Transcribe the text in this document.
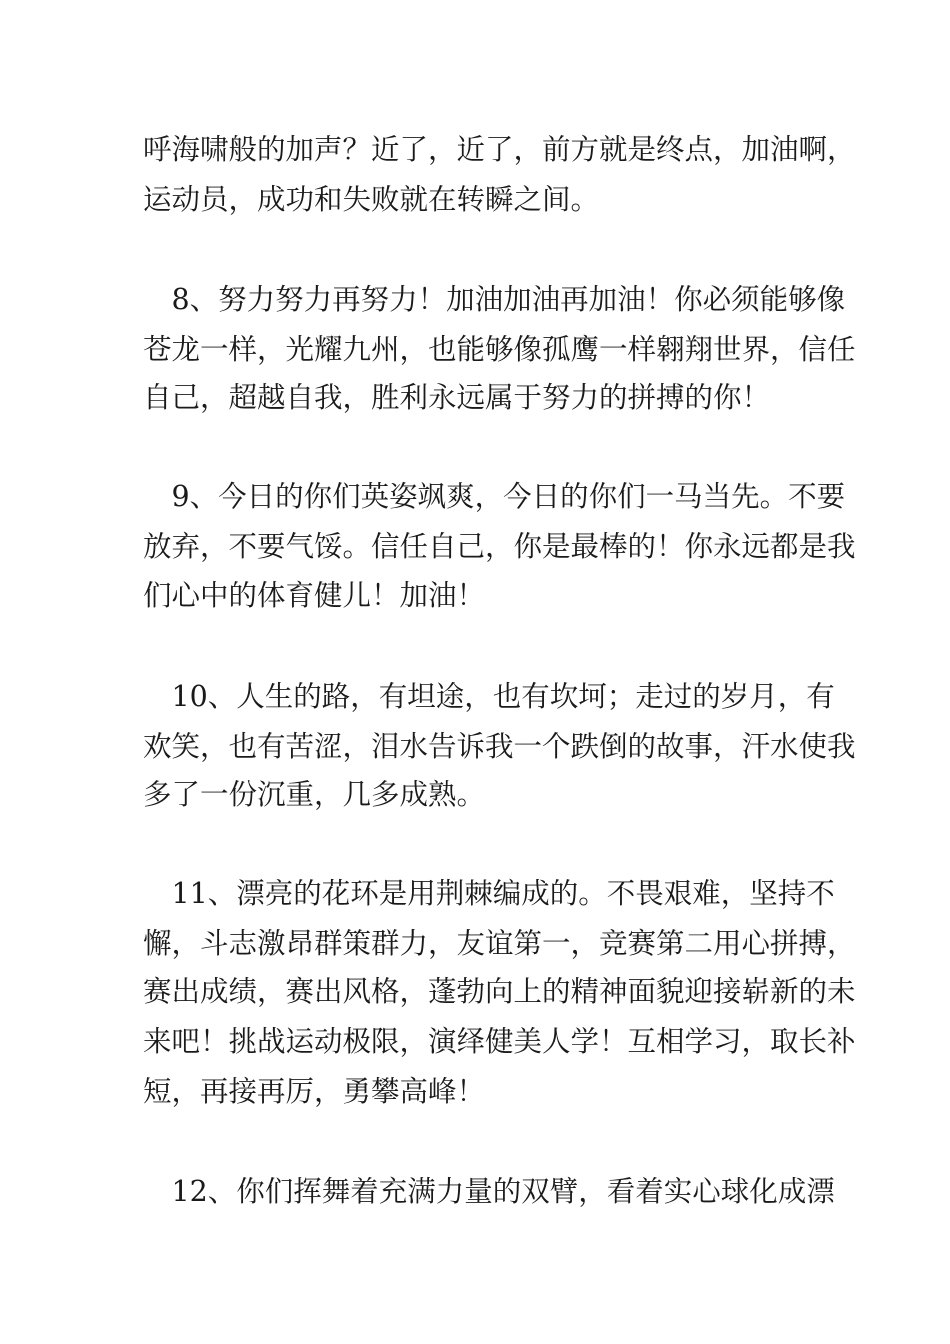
呼海啸般的加声？近了，近了，前方就是终点，加油啊，
运动员，成功和失败就在转瞬之间。
　8、努力努力再努力！加油加油再加油！你必须能够像
苍龙一样，光耀九州，也能够像孤鹰一样翱翔世界，信任
自己，超越自我，胜利永远属于努力的拼搏的你！
　9、今日的你们英姿飒爽，今日的你们一马当先。不要
放弃，不要气馁。信任自己，你是最棒的！你永远都是我
们心中的体育健儿！加油！
　10、人生的路，有坦途，也有坎坷；走过的岁月，有
欢笑，也有苦涩，泪水告诉我一个跌倒的故事，汗水使我
多了一份沉重，几多成熟。
　11、漂亮的花环是用荆棘编成的。不畏艰难，坚持不
懈，斗志激昂群策群力，友谊第一，竞赛第二用心拼搏，
赛出成绩，赛出风格，蓬勃向上的精神面貌迎接崭新的未
来吧！挑战运动极限，演绎健美人学！互相学习，取长补
短，再接再厉，勇攀高峰！
　12、你们挥舞着充满力量的双臂，看着实心球化成漂
